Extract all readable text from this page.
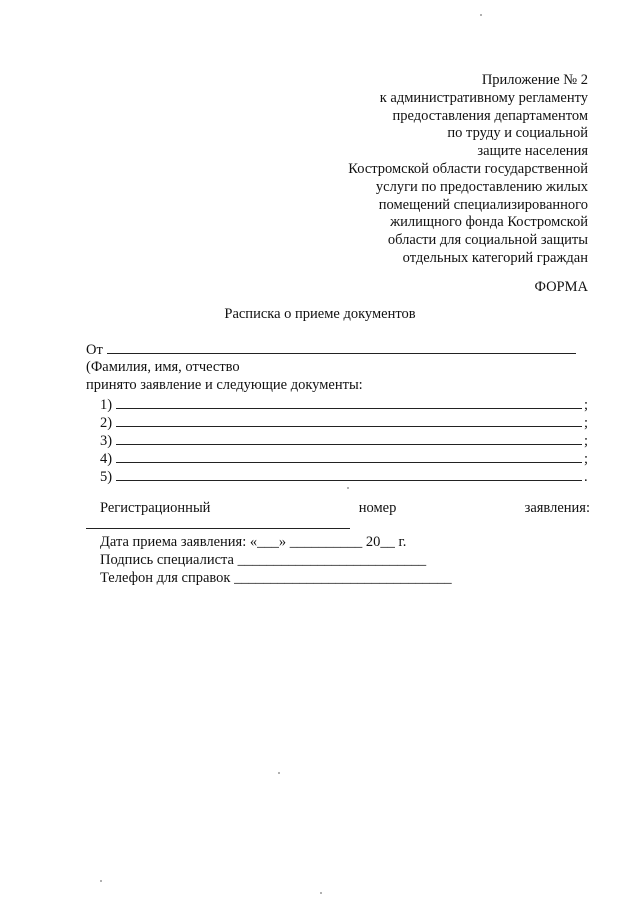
Приложение № 2
к административному регламенту
предоставления департаментом
по труду и социальной
защите населения
Костромской области государственной
услуги по предоставлению жилых
помещений специализированного
жилищного фонда Костромской
области для социальной защиты
отдельных категорий граждан
ФОРМА
Расписка о приеме документов
От
(Фамилия, имя, отчество
принято заявление и следующие документы:
1)	;
2)	;
3)	;
4)	;
5)	.
Регистрационный	номер	заявления:
Дата приема заявления: «___» __________ 20__ г.
Подпись специалиста __________________________
Телефон для справок ______________________________
